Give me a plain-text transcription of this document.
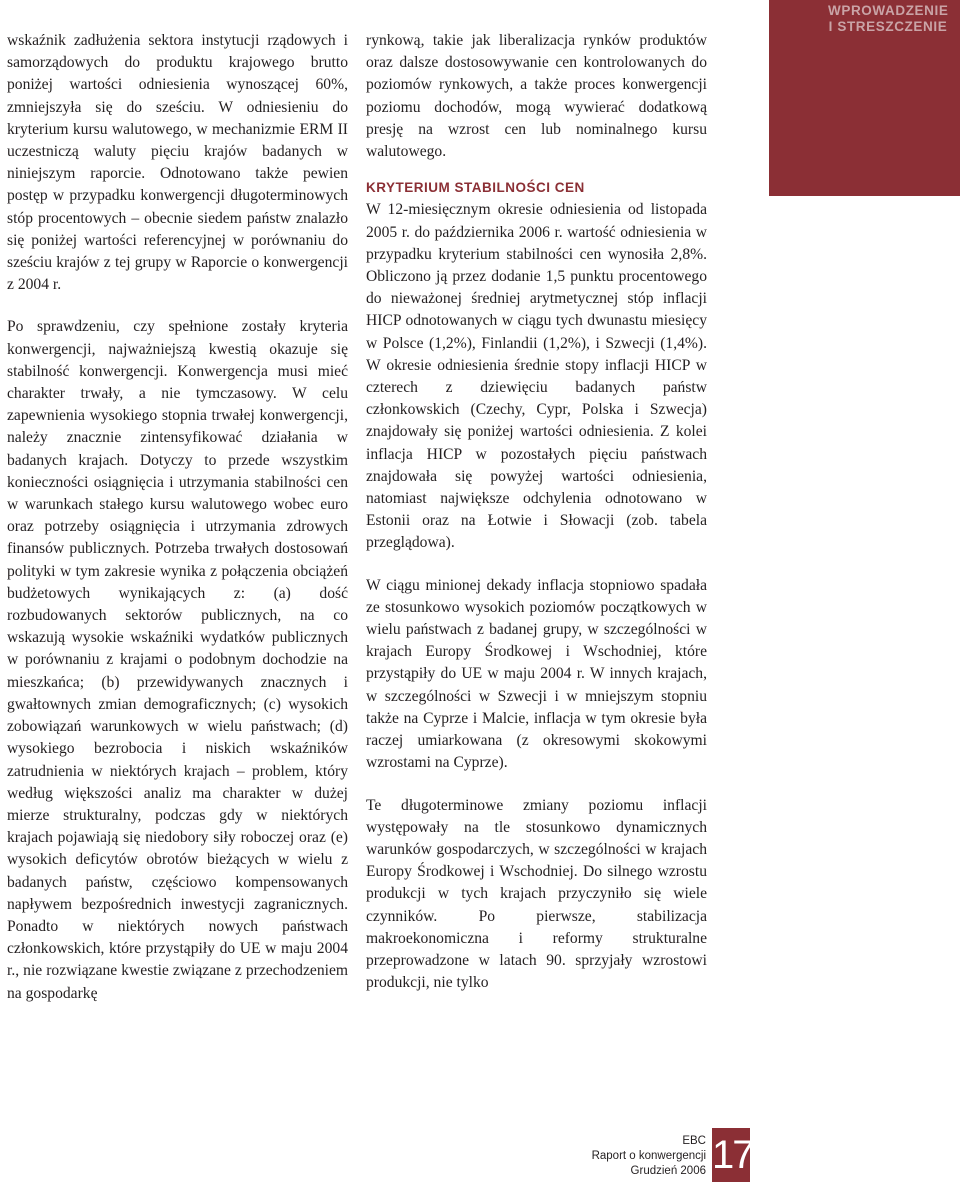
WPROWADZENIE
I STRESZCZENIE

wskaźnik zadłużenia sektora instytucji rządowych i samorządowych do produktu krajowego brutto poniżej wartości odniesienia wynoszącej 60%, zmniejszyła się do sześciu. W odniesieniu do kryterium kursu walutowego, w mechanizmie ERM II uczestniczą waluty pięciu krajów badanych w niniejszym raporcie. Odnotowano także pewien postęp w przypadku konwergencji długoterminowych stóp procentowych – obecnie siedem państw znalazło się poniżej wartości referencyjnej w porównaniu do sześciu krajów z tej grupy w Raporcie o konwergencji z 2004 r.

Po sprawdzeniu, czy spełnione zostały kryteria konwergencji, najważniejszą kwestią okazuje się stabilność konwergencji. Konwergencja musi mieć charakter trwały, a nie tymczasowy. W celu zapewnienia wysokiego stopnia trwałej konwergencji, należy znacznie zintensyfikować działania w badanych krajach. Dotyczy to przede wszystkim konieczności osiągnięcia i utrzymania stabilności cen w warunkach stałego kursu walutowego wobec euro oraz potrzeby osiągnięcia i utrzymania zdrowych finansów publicznych. Potrzeba trwałych dostosowań polityki w tym zakresie wynika z połączenia obciążeń budżetowych wynikających z: (a) dość rozbudowanych sektorów publicznych, na co wskazują wysokie wskaźniki wydatków publicznych w porównaniu z krajami o podobnym dochodzie na mieszkańca; (b) przewidywanych znacznych i gwałtownych zmian demograficznych; (c) wysokich zobowiązań warunkowych w wielu państwach; (d) wysokiego bezrobocia i niskich wskaźników zatrudnienia w niektórych krajach – problem, który według większości analiz ma charakter w dużej mierze strukturalny, podczas gdy w niektórych krajach pojawiają się niedobory siły roboczej oraz (e) wysokich deficytów obrotów bieżących w wielu z badanych państw, częściowo kompensowanych napływem bezpośrednich inwestycji zagranicznych. Ponadto w niektórych nowych państwach członkowskich, które przystąpiły do UE w maju 2004 r., nie rozwiązane kwestie związane z przechodzeniem na gospodarkę

rynkową, takie jak liberalizacja rynków produktów oraz dalsze dostosowywanie cen kontrolowanych do poziomów rynkowych, a także proces konwergencji poziomu dochodów, mogą wywierać dodatkową presję na wzrost cen lub nominalnego kursu walutowego.

KRYTERIUM STABILNOŚCI CEN

W 12-miesięcznym okresie odniesienia od listopada 2005 r. do października 2006 r. wartość odniesienia w przypadku kryterium stabilności cen wynosiła 2,8%. Obliczono ją przez dodanie 1,5 punktu procentowego do nieważonej średniej arytmetycznej stóp inflacji HICP odnotowanych w ciągu tych dwunastu miesięcy w Polsce (1,2%), Finlandii (1,2%), i Szwecji (1,4%). W okresie odniesienia średnie stopy inflacji HICP w czterech z dziewięciu badanych państw członkowskich (Czechy, Cypr, Polska i Szwecja) znajdowały się poniżej wartości odniesienia. Z kolei inflacja HICP w pozostałych pięciu państwach znajdowała się powyżej wartości odniesienia, natomiast największe odchylenia odnotowano w Estonii oraz na Łotwie i Słowacji (zob. tabela przeglądowa).

W ciągu minionej dekady inflacja stopniowo spadała ze stosunkowo wysokich poziomów początkowych w wielu państwach z badanej grupy, w szczególności w krajach Europy Środkowej i Wschodniej, które przystąpiły do UE w maju 2004 r. W innych krajach, w szczególności w Szwecji i w mniejszym stopniu także na Cyprze i Malcie, inflacja w tym okresie była raczej umiarkowana (z okresowymi skokowymi wzrostami na Cyprze).

Te długoterminowe zmiany poziomu inflacji występowały na tle stosunkowo dynamicznych warunków gospodarczych, w szczególności w krajach Europy Środkowej i Wschodniej. Do silnego wzrostu produkcji w tych krajach przyczyniło się wiele czynników. Po pierwsze, stabilizacja makroekonomiczna i reformy strukturalne przeprowadzone w latach 90. sprzyjały wzrostowi produkcji, nie tylko

EBC
Raport o konwergencji
Grudzień 2006 17
